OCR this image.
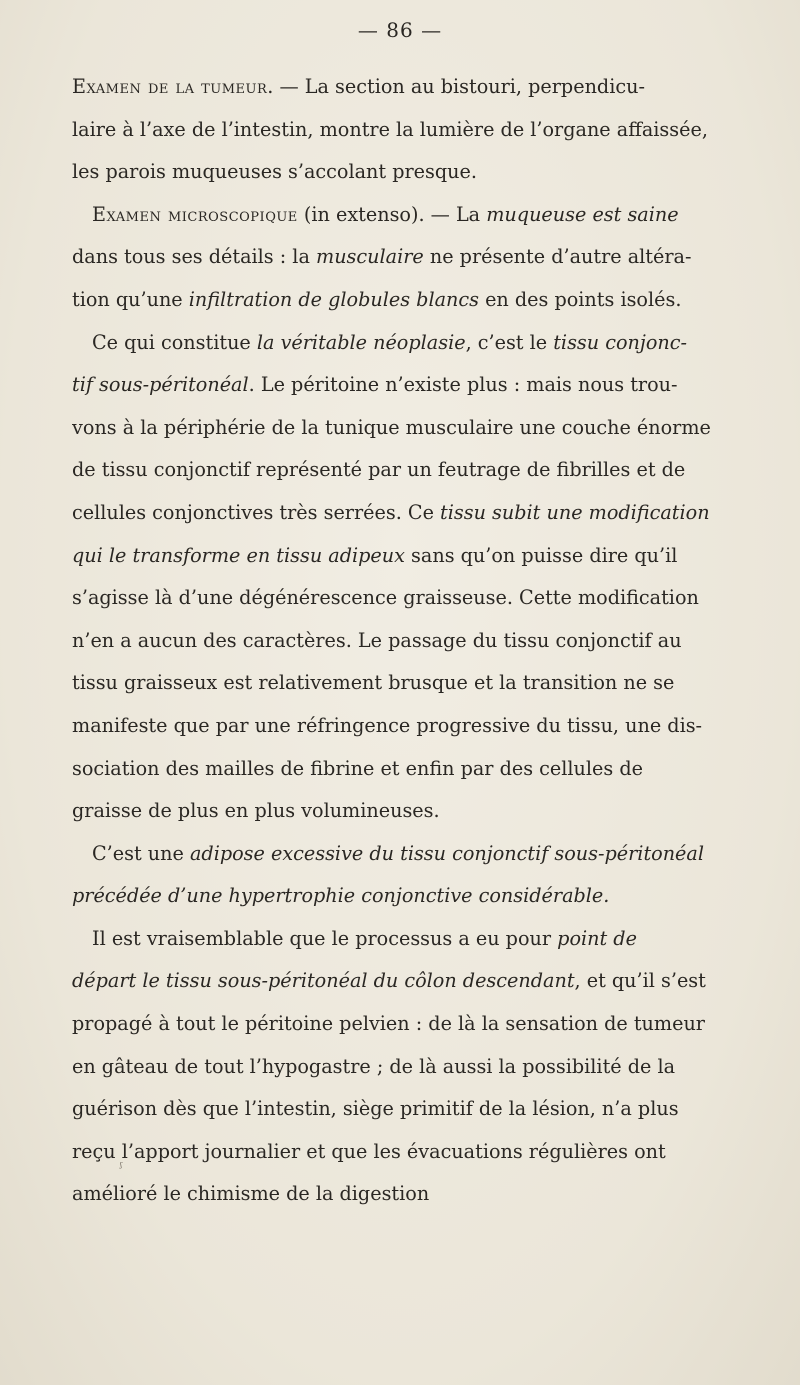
— 86 —
Examen de la tumeur. — La section au bistouri, perpendicu-
laire à l’axe de l’intestin, montre la lumière de l’organe affaissée,
les parois muqueuses s’accolant presque.
Examen microscopique (in extenso). — La muqueuse est saine
dans tous ses détails : la musculaire ne présente d’autre altéra-
tion qu’une infiltration de globules blancs en des points isolés.
Ce qui constitue la véritable néoplasie, c’est le tissu conjonc-
tif sous-péritonéal. Le péritoine n’existe plus : mais nous trou-
vons à la périphérie de la tunique musculaire une couche énorme
de tissu conjonctif représenté par un feutrage de fibrilles et de
cellules conjonctives très serrées. Ce tissu subit une modification
qui le transforme en tissu adipeux sans qu’on puisse dire qu’il
s’agisse là d’une dégénérescence graisseuse. Cette modification
n’en a aucun des caractères. Le passage du tissu conjonctif au
tissu graisseux est relativement brusque et la transition ne se
manifeste que par une réfringence progressive du tissu, une dis-
sociation des mailles de fibrine et enfin par des cellules de
graisse de plus en plus volumineuses.
C’est une adipose excessive du tissu conjonctif sous-péritonéal
précédée d’une hypertrophie conjonctive considérable.
Il est vraisemblable que le processus a eu pour point de
départ le tissu sous-péritonéal du côlon descendant, et qu’il s’est
propagé à tout le péritoine pelvien : de là la sensation de tumeur
en gâteau de tout l’hypogastre ; de là aussi la possibilité de la
guérison dès que l’intestin, siège primitif de la lésion, n’a plus
reçu l’apport journalier et que les évacuations régulières ont
amélioré le chimisme de la digestion
ᶴ
